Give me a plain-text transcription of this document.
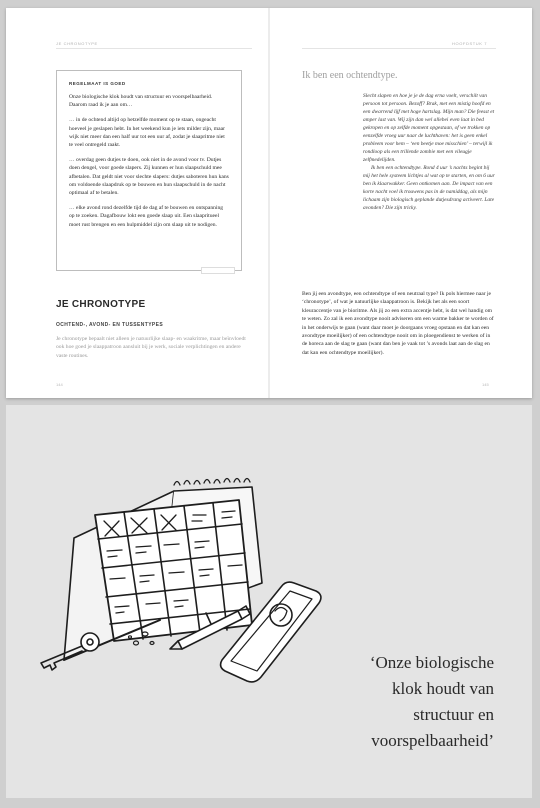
JE CHRONOTYPE	HOOFDSTUK 7
REGELMAAT IS GOED

Onze biologische klok houdt van structuur en voorspelbaarheid. Daarom raad ik je aan om…

… in de ochtend altijd op hetzelfde moment op te staan, ongeacht hoeveel je geslapen hebt. In het weekend kun je iets milder zijn, maar wijk niet meer dan een half uur tot een uur af, zodat je slaapritme niet te veel ontregeld raakt.

… overdag geen dutjes te doen, ook niet in de avond voor tv. Dutjes doen dengel, voor goede slapers. Zij kunnen er hun slaapschuld mee afbetalen. Dat geldt niet voor slechte slapers: dutjes saboteren hun kans om voldoende slaapdruk op te bouwen en hun slaapschuld in de nacht optimaal af te betalen.

… elke avond rond dezelfde tijd de dag af te bouwen en ontspanning op te zoeken. Dagafbouw lokt een goede slaap uit. Een slaapritueel moet rust brengen en een hulpmiddel zijn om slaap uit te nodigen.

JE CHRONOTYPE
OCHTEND-, AVOND- EN TUSSENTYPES
Je chronotype bepaalt niet alleen je natuurlijke slaap- en waakritme, maar beïnvloedt ook hoe goed je slaappatroon aansluit bij je werk, sociale verplichtingen en andere vaste routines.
Ik ben een ochtendtype.

Slecht slapen en hoe je je de dag erna voelt, verschilt van persoon tot persoon. Bezoff? Brak, met een mistig hoofd en een dwarrend lijf met hoge hartslag. Mijn man? Die feesst et amper last van. Wij zijn dan wel allebei even laat in bed gekropen en op zelfde moment opgestaan, of we trokken op eenzelfde vroeg uur naar de luchthaven: het is geen enkel probleem voor hem – ‘een beetje moe misschien’ – terwijl ik rondloop als een trillende zombie met een vileugje zelfmedelijden.

Ik ben een ochtendtype. Rond 4 uur ’s nachts begint bij mij het hele systeem lichtjes al wat op te starten, en om 6 uur ben ik klaarwakker. Geen ontkomen aan. De impact van een korte nacht voel ik trouwens pas in de namiddag, als mijn lichaam zijn biologisch geplande dutjesdrang activeert. Late avonden? Die zijn tricky.

Ben jij een avondtype, een ochtendtype of een neutraal type? Ik pols hiermee naar je ‘chronotype’, of wat je natuurlijke slaappatroon is. Bekijk het als een soort kleuraccentje van je bioritme. Als jij zo een extra accentje hebt, is dat wel handig om te weten. Zo zal ik een avondtype nooit adviseren om een warme bakker te worden of in het onderwijs te gaan (want daar moet je doorgaans vroeg opstaan en dat kan een avondtype moeilijker) of een ochtendtype nooit om in ploegendienst te werken of in de horeca aan de slag te gaan (want dan ben je vaak tot ’s avonds laat aan de slag en dat kan een ochtendtype moeilijker).
144	145
‘Onze biologische klok houdt van structuur en voorspelbaarheid’
